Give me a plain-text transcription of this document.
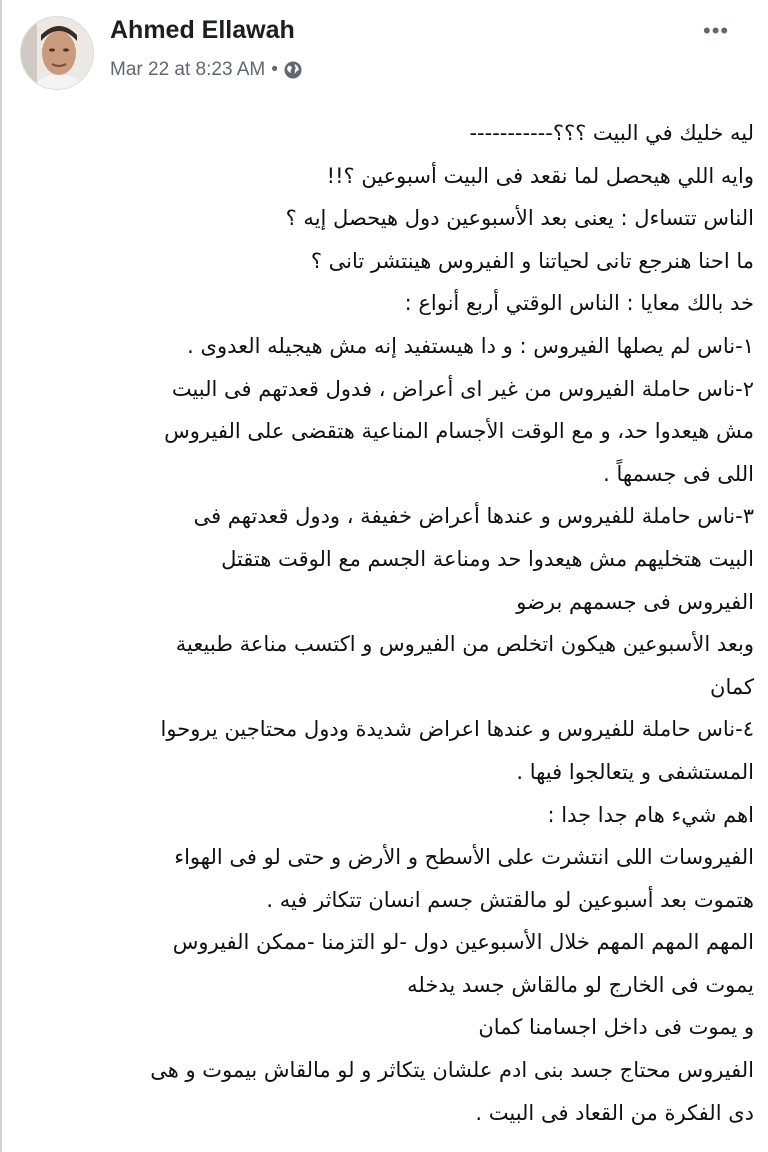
Ahmed Ellawah
Mar 22 at 8:23 AM •
•••
ليه خليك في البيت ؟؟؟-----------
وايه اللي هيحصل لما نقعد فى البيت أسبوعين ؟!!
الناس تتساءل : يعنى بعد الأسبوعين دول هيحصل إيه ؟
ما احنا هنرجع تانى لحياتنا و الفيروس هينتشر تانى ؟
خد بالك معايا : الناس الوقتي أربع أنواع :
١-ناس لم يصلها الفيروس : و دا هيستفيد إنه مش هيجيله العدوى .
٢-ناس حاملة الفيروس من غير اى أعراض ، فدول قعدتهم فى البيت
مش هيعدوا حد، و مع الوقت الأجسام المناعية هتقضى على الفيروس
اللى فى جسمهاً .
٣-ناس حاملة للفيروس و عندها أعراض خفيفة ، ودول قعدتهم فى
البيت هتخليهم مش هيعدوا حد ومناعة الجسم مع الوقت هتقتل
الفيروس فى جسمهم برضو
وبعد الأسبوعين هيكون اتخلص من الفيروس و اكتسب مناعة طبيعية
كمان
٤-ناس حاملة للفيروس و عندها اعراض شديدة ودول محتاجين يروحوا
المستشفى و يتعالجوا فيها .
اهم شيء هام جدا جدا :
الفيروسات اللى انتشرت على الأسطح و الأرض و حتى لو فى الهواء
هتموت بعد أسبوعين لو مالقتش جسم انسان تتكاثر فيه .
المهم المهم المهم خلال الأسبوعين دول -لو التزمنا -ممكن الفيروس
يموت فى الخارج لو مالقاش جسد يدخله
و يموت فى داخل اجسامنا كمان
الفيروس محتاج جسد بنى ادم علشان يتكاثر و لو مالقاش بيموت و هى
دى الفكرة من القعاد فى البيت .
